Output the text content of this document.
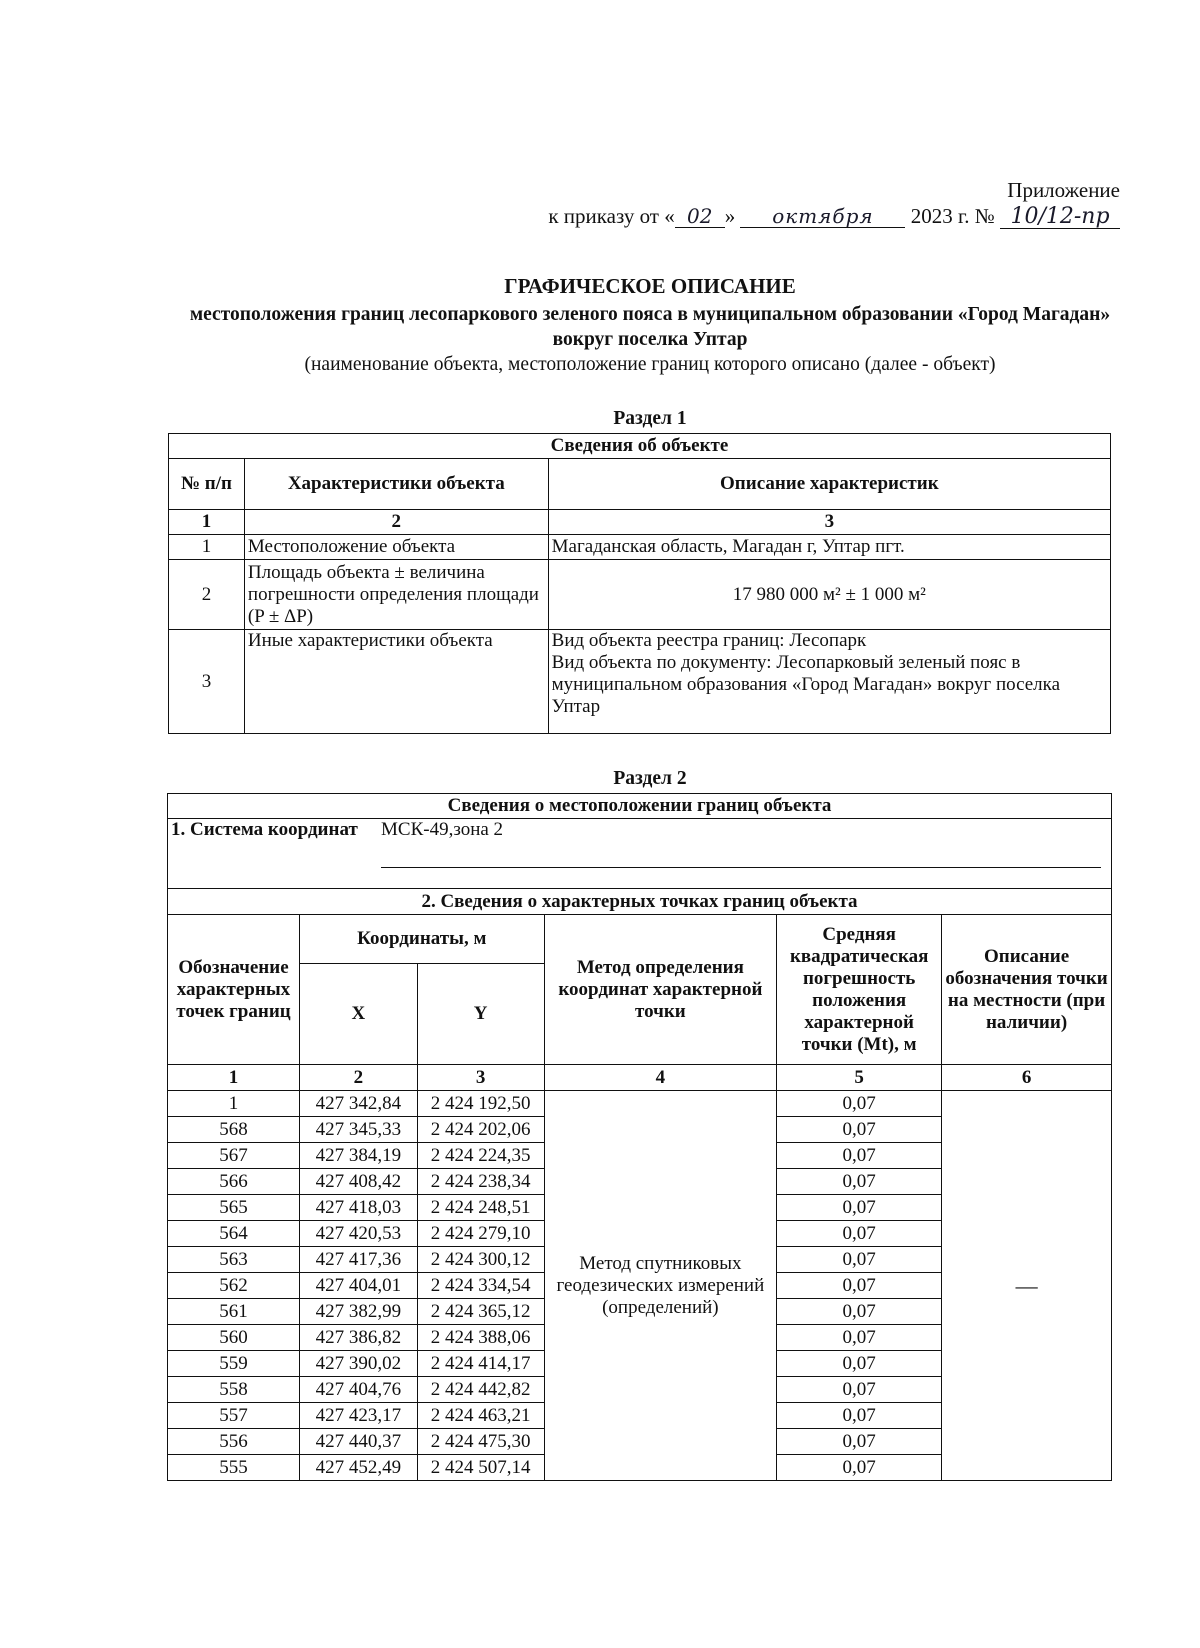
Приложение
к приказу от « 02 » октября 2023 г. № 10/12-пр
ГРАФИЧЕСКОЕ ОПИСАНИЕ
местоположения границ лесопаркового зеленого пояса в муниципальном образовании «Город Магадан» вокруг поселка Уптар
(наименование объекта, местоположение границ которого описано (далее - объект)
Раздел 1
Сведения об объекте		
№ п/п	Характеристики объекта	Описание характеристик
1	2	3
1	Местоположение объекта	Магаданская область, Магадан г, Уптар пгт.
2	Площадь объекта ± величина погрешности определения площади (P ± ΔP)	17 980 000 м² ± 1 000 м²
3	Иные характеристики объекта	Вид объекта реестра границ: Лесопарк
Вид объекта по документу: Лесопарковый зеленый пояс в муниципальном образования «Город Магадан» вокруг поселка Уптар
Раздел 2
Сведения о местоположении границ объекта					

1. Система координат МСК-49,зона 2					

2. Сведения о характерных точках границ объекта					
Обозначение характерных точек границ	Координаты, м		Метод определения координат характерной точки	Средняя квадратическая погрешность положения характерной точки (Mt), м	Описание обозначения точки на местности (при наличии)
	X	Y			
1	2	3	4	5	6
1	427 342,84	2 424 192,50	Метод спутниковых геодезических измерений (определений)	0,07	—
568	427 345,33	2 424 202,06		0,07	
567	427 384,19	2 424 224,35		0,07	
566	427 408,42	2 424 238,34		0,07	
565	427 418,03	2 424 248,51		0,07	
564	427 420,53	2 424 279,10		0,07	
563	427 417,36	2 424 300,12		0,07	
562	427 404,01	2 424 334,54		0,07	
561	427 382,99	2 424 365,12		0,07	
560	427 386,82	2 424 388,06		0,07	
559	427 390,02	2 424 414,17		0,07	
558	427 404,76	2 424 442,82		0,07	
557	427 423,17	2 424 463,21		0,07	
556	427 440,37	2 424 475,30		0,07	
555	427 452,49	2 424 507,14		0,07	
